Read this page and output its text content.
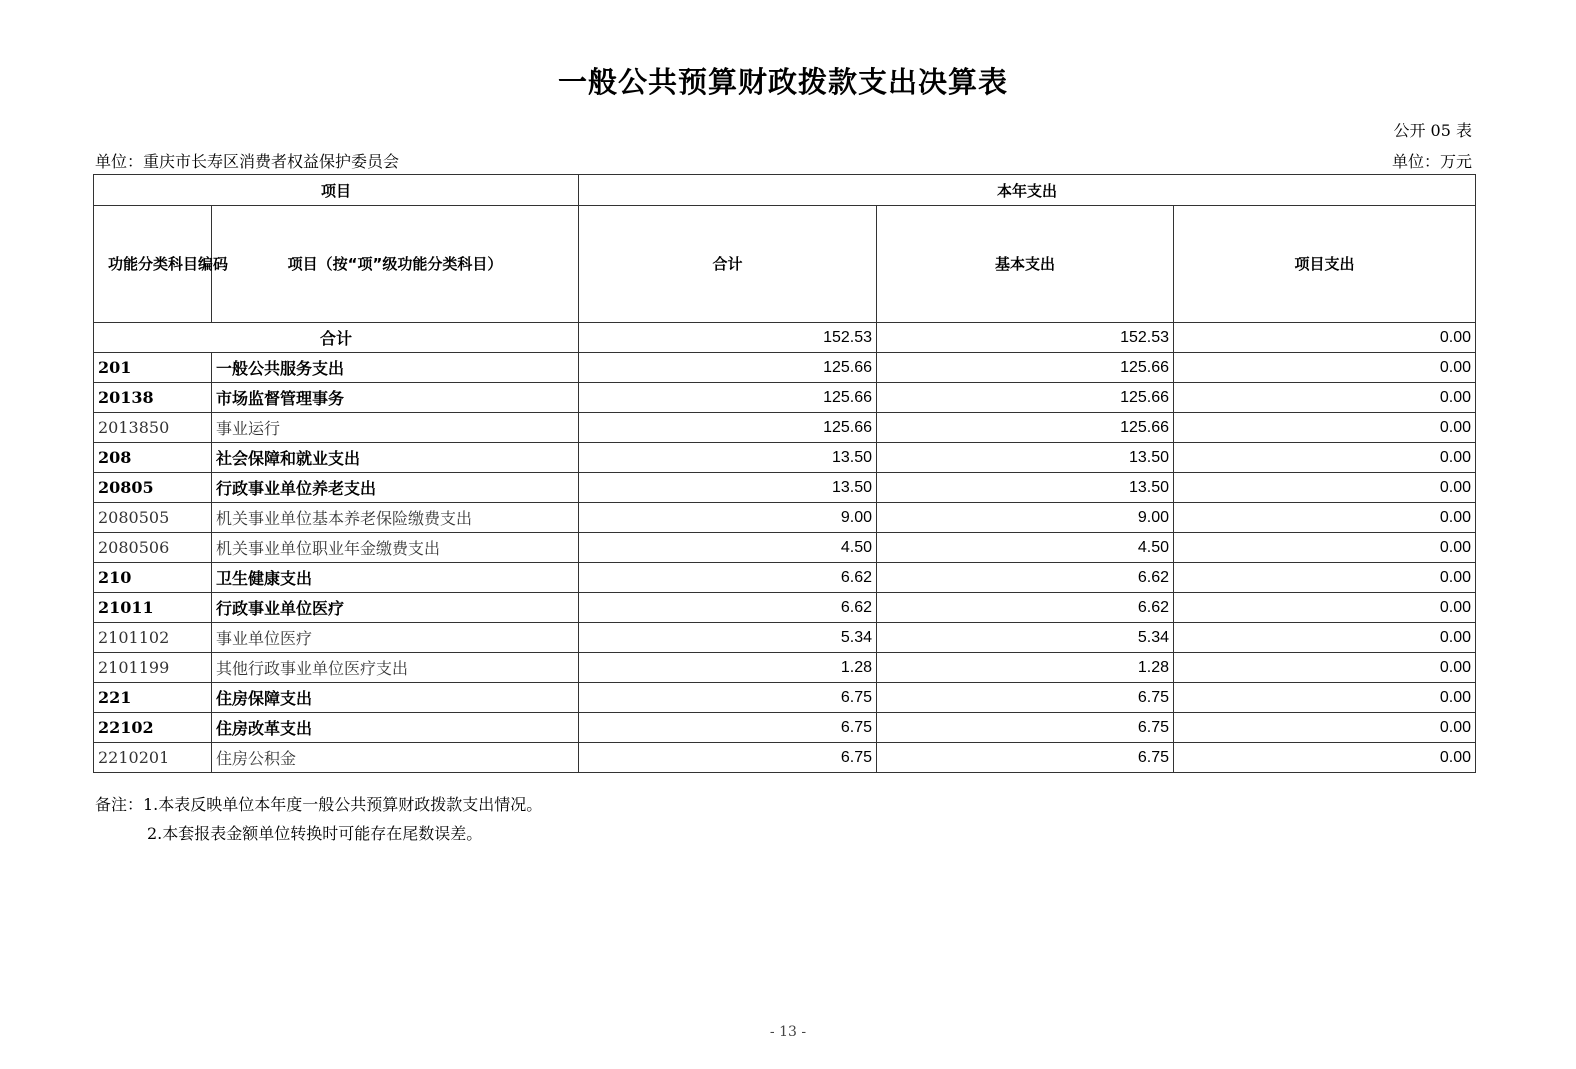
一般公共预算财政拨款支出决算表
公开 05 表
单位：重庆市长寿区消费者权益保护委员会	单位：万元
项目		本年支出		
功能分类科目编码	项目（按“项”级功能分类科目）	合计	基本支出	项目支出
合计		152.53	152.53	0.00
201	一般公共服务支出	125.66	125.66	0.00
20138	市场监督管理事务	125.66	125.66	0.00
2013850	事业运行	125.66	125.66	0.00
208	社会保障和就业支出	13.50	13.50	0.00
20805	行政事业单位养老支出	13.50	13.50	0.00
2080505	机关事业单位基本养老保险缴费支出	9.00	9.00	0.00
2080506	机关事业单位职业年金缴费支出	4.50	4.50	0.00
210	卫生健康支出	6.62	6.62	0.00
21011	行政事业单位医疗	6.62	6.62	0.00
2101102	事业单位医疗	5.34	5.34	0.00
2101199	其他行政事业单位医疗支出	1.28	1.28	0.00
221	住房保障支出	6.75	6.75	0.00
22102	住房改革支出	6.75	6.75	0.00
2210201	住房公积金	6.75	6.75	0.00
备注：1.本表反映单位本年度一般公共预算财政拨款支出情况。
2.本套报表金额单位转换时可能存在尾数误差。
- 13 -
